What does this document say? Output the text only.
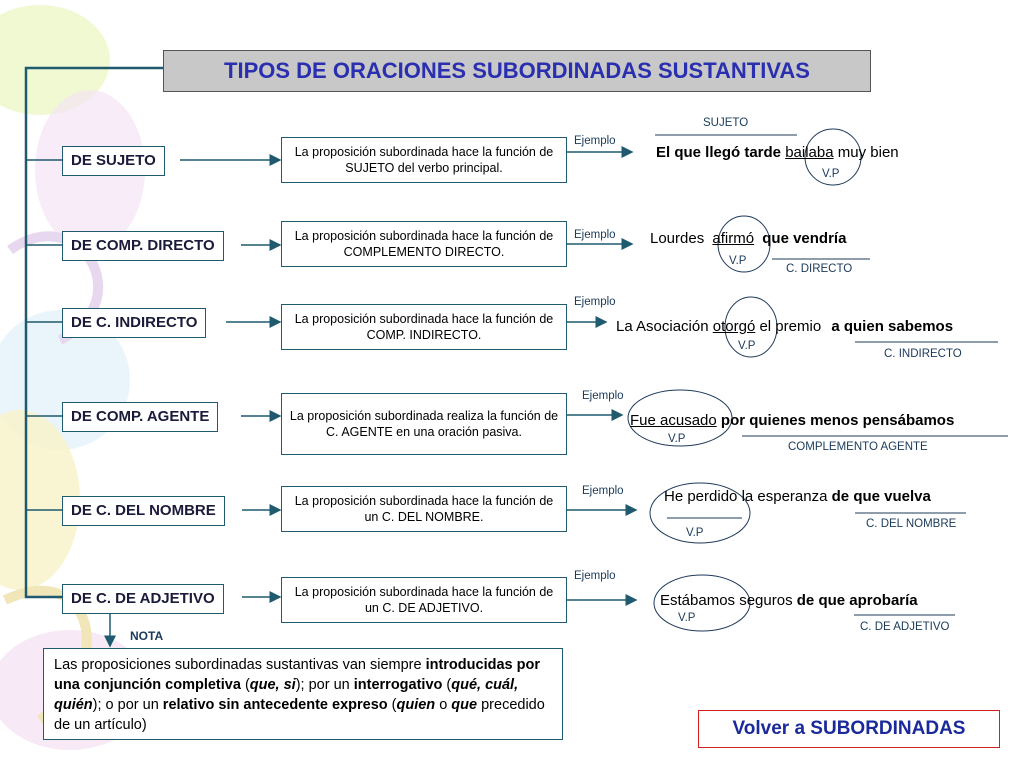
TIPOS DE ORACIONES SUBORDINADAS SUSTANTIVAS
DE SUJETO	La proposición subordinada hace la función de SUJETO del verbo principal.
Ejemplo
SUJETO
El que llegó tarde bailaba muy bien
V.P
DE COMP. DIRECTO
La proposición subordinada hace la función de COMPLEMENTO DIRECTO.
Ejemplo Lourdes afirmó que vendría
V.P
C. DIRECTO
DE C. INDIRECTO	La proposición subordinada hace la función de COMP. INDIRECTO.
Ejemplo
La Asociación otorgó el premio a quien sabemos
V.P
C. INDIRECTO
DE COMP. AGENTE	La proposición subordinada realiza la función de C. AGENTE en una oración pasiva.
Ejemplo
Fue acusado por quienes menos pensábamos
V.P
COMPLEMENTO AGENTE
DE C. DEL NOMBRE
La proposición subordinada hace la función de un C. DEL NOMBRE.
Ejemplo	He perdido la esperanza de que vuelva
V.P
C. DEL NOMBRE
DE C. DE ADJETIVO	La proposición subordinada hace la función de un C. DE ADJETIVO.
Ejemplo
Estábamos seguros de que aprobaría
V.P
C. DE ADJETIVO
NOTA
Las proposiciones subordinadas sustantivas van siempre introducidas por una conjunción completiva (que, si); por un interrogativo (qué, cuál, quién); o por un relativo sin antecedente expreso (quien o que precedido de un artículo)	Volver a SUBORDINADAS
